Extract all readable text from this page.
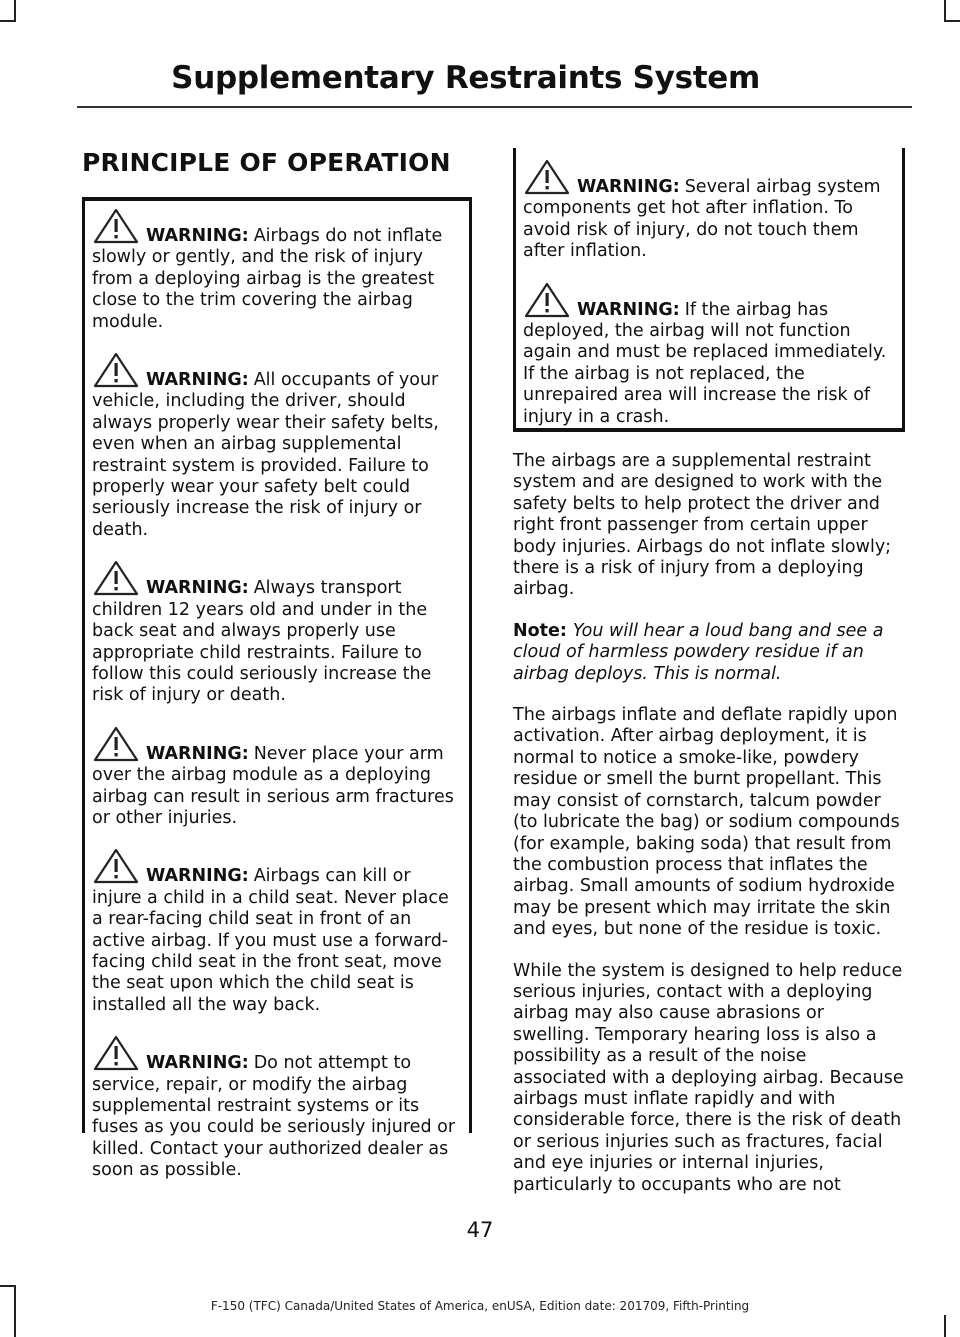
Supplementary Restraints System
PRINCIPLE OF OPERATION

WARNING: Airbags do not inflate slowly or gently, and the risk of injury from a deploying airbag is the greatest close to the trim covering the airbag module.

WARNING: All occupants of your vehicle, including the driver, should always properly wear their safety belts, even when an airbag supplemental restraint system is provided. Failure to properly wear your safety belt could seriously increase the risk of injury or death.

WARNING: Always transport children 12 years old and under in the back seat and always properly use appropriate child restraints. Failure to follow this could seriously increase the risk of injury or death.

WARNING: Never place your arm over the airbag module as a deploying airbag can result in serious arm fractures or other injuries.

WARNING: Airbags can kill or injure a child in a child seat. Never place a rear-facing child seat in front of an active airbag. If you must use a forward-facing child seat in the front seat, move the seat upon which the child seat is installed all the way back.

WARNING: Do not attempt to service, repair, or modify the airbag supplemental restraint systems or its fuses as you could be seriously injured or killed. Contact your authorized dealer as soon as possible.

WARNING: Several airbag system components get hot after inflation. To avoid risk of injury, do not touch them after inflation.

WARNING: If the airbag has deployed, the airbag will not function again and must be replaced immediately. If the airbag is not replaced, the unrepaired area will increase the risk of injury in a crash.

The airbags are a supplemental restraint system and are designed to work with the safety belts to help protect the driver and right front passenger from certain upper body injuries. Airbags do not inflate slowly; there is a risk of injury from a deploying airbag.

Note: You will hear a loud bang and see a cloud of harmless powdery residue if an airbag deploys. This is normal.

The airbags inflate and deflate rapidly upon activation. After airbag deployment, it is normal to notice a smoke-like, powdery residue or smell the burnt propellant. This may consist of cornstarch, talcum powder (to lubricate the bag) or sodium compounds (for example, baking soda) that result from the combustion process that inflates the airbag. Small amounts of sodium hydroxide may be present which may irritate the skin and eyes, but none of the residue is toxic.

While the system is designed to help reduce serious injuries, contact with a deploying airbag may also cause abrasions or swelling. Temporary hearing loss is also a possibility as a result of the noise associated with a deploying airbag. Because airbags must inflate rapidly and with considerable force, there is the risk of death or serious injuries such as fractures, facial and eye injuries or internal injuries, particularly to occupants who are not

47
F-150 (TFC) Canada/United States of America, enUSA, Edition date: 201709, Fifth-Printing
